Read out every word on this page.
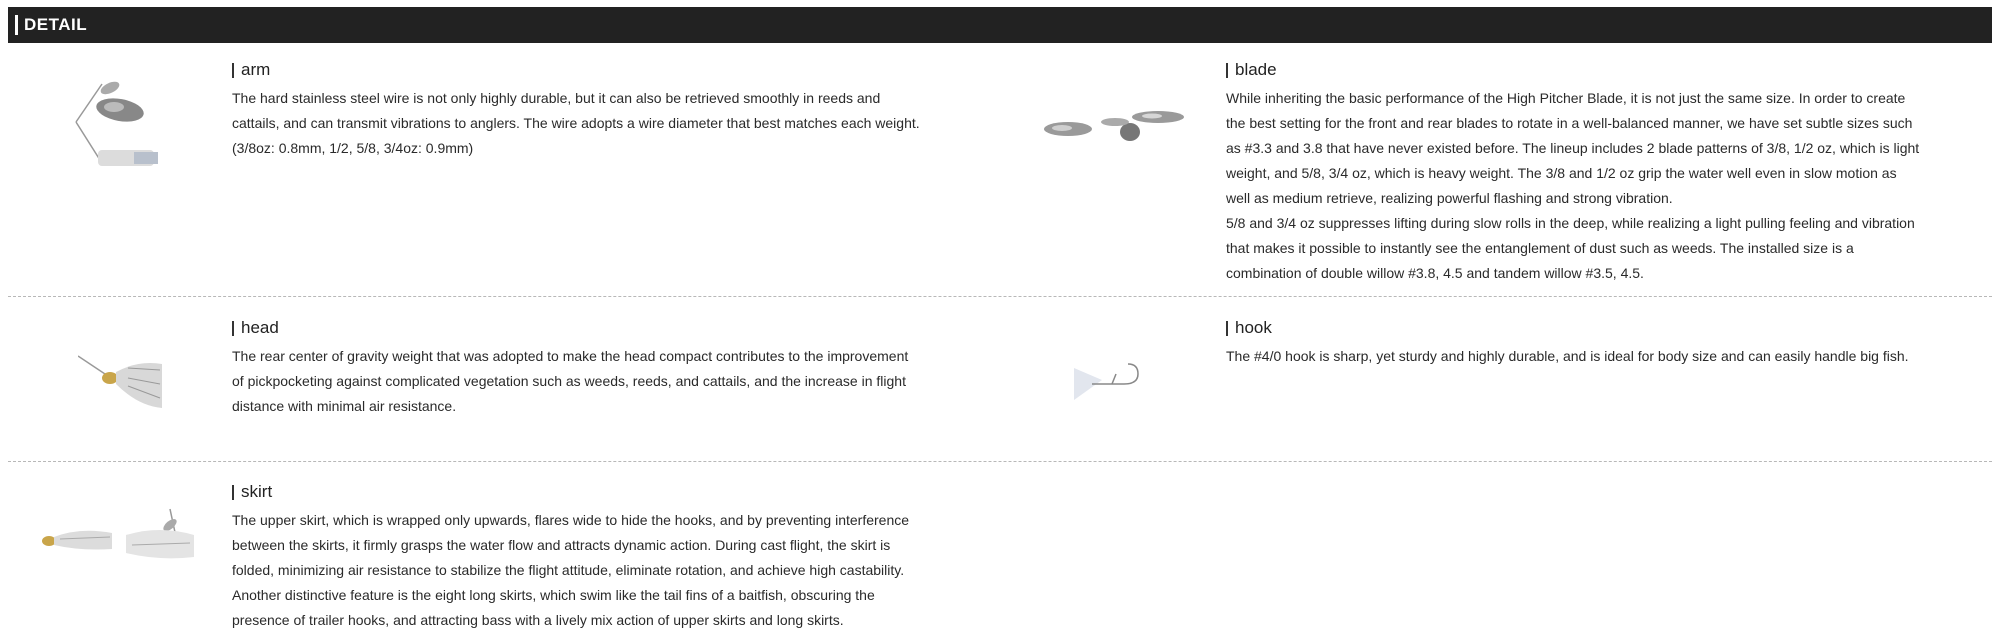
DETAIL
arm

The hard stainless steel wire is not only highly durable, but it can also be retrieved smoothly in reeds and
cattails, and can transmit vibrations to anglers. The wire adopts a wire diameter that best matches each weight.
(3/8oz: 0.8mm, 1/2, 5/8, 3/4oz: 0.9mm)

blade

While inheriting the basic performance of the High Pitcher Blade, it is not just the same size. In order to create
the best setting for the front and rear blades to rotate in a well-balanced manner, we have set subtle sizes such
as #3.3 and 3.8 that have never existed before. The lineup includes 2 blade patterns of 3/8, 1/2 oz, which is light
weight, and 5/8, 3/4 oz, which is heavy weight. The 3/8 and 1/2 oz grip the water well even in slow motion as
well as medium retrieve, realizing powerful flashing and strong vibration.
5/8 and 3/4 oz suppresses lifting during slow rolls in the deep, while realizing a light pulling feeling and vibration
that makes it possible to instantly see the entanglement of dust such as weeds. The installed size is a
combination of double willow #3.8, 4.5 and tandem willow #3.5, 4.5.

head

The rear center of gravity weight that was adopted to make the head compact contributes to the improvement
of pickpocketing against complicated vegetation such as weeds, reeds, and cattails, and the increase in flight
distance with minimal air resistance.

hook

The #4/0 hook is sharp, yet sturdy and highly durable, and is ideal for body size and can easily handle big fish.

skirt

The upper skirt, which is wrapped only upwards, flares wide to hide the hooks, and by preventing interference
between the skirts, it firmly grasps the water flow and attracts dynamic action. During cast flight, the skirt is
folded, minimizing air resistance to stabilize the flight attitude, eliminate rotation, and achieve high castability.
Another distinctive feature is the eight long skirts, which swim like the tail fins of a baitfish, obscuring the
presence of trailer hooks, and attracting bass with a lively mix action of upper skirts and long skirts.
